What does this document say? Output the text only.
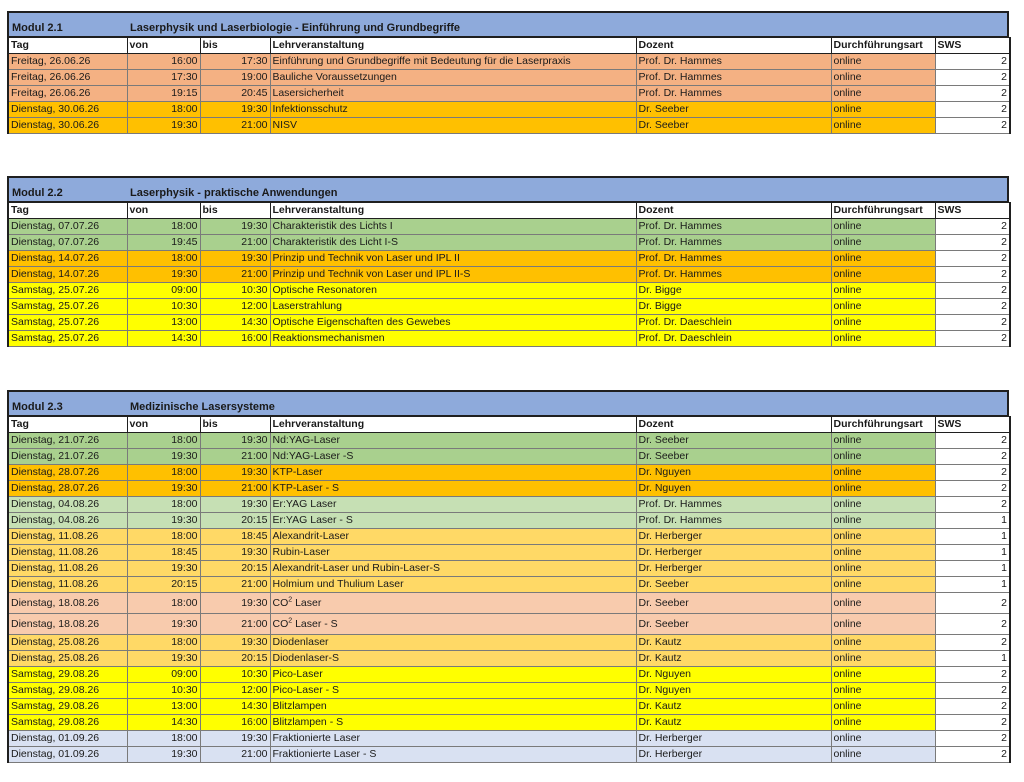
Modul 2.1	Laserphysik und Laserbiologie - Einführung und Grundbegriffe
Tag	von	bis	Lehrveranstaltung	Dozent	Durchführungsart	SWS
Freitag, 26.06.26	16:00	17:30	Einführung und Grundbegriffe mit Bedeutung für die Laserpraxis	Prof. Dr. Hammes	online	2
Freitag, 26.06.26	17:30	19:00	Bauliche Voraussetzungen	Prof. Dr. Hammes	online	2
Freitag, 26.06.26	19:15	20:45	Lasersicherheit	Prof. Dr. Hammes	online	2
Dienstag, 30.06.26	18:00	19:30	Infektionsschutz	Dr. Seeber	online	2
Dienstag, 30.06.26	19:30	21:00	NISV	Dr. Seeber	online	2
Modul 2.2	Laserphysik - praktische Anwendungen
Tag	von	bis	Lehrveranstaltung	Dozent	Durchführungsart	SWS
Dienstag, 07.07.26	18:00	19:30	Charakteristik des Lichts I	Prof. Dr. Hammes	online	2
Dienstag, 07.07.26	19:45	21:00	Charakteristik des Licht I-S	Prof. Dr. Hammes	online	2
Dienstag, 14.07.26	18:00	19:30	Prinzip und Technik von Laser und IPL II	Prof. Dr. Hammes	online	2
Dienstag, 14.07.26	19:30	21:00	Prinzip und Technik von Laser und IPL II-S	Prof. Dr. Hammes	online	2
Samstag, 25.07.26	09:00	10:30	Optische Resonatoren	Dr. Bigge	online	2
Samstag, 25.07.26	10:30	12:00	Laserstrahlung	Dr. Bigge	online	2
Samstag, 25.07.26	13:00	14:30	Optische Eigenschaften des Gewebes	Prof. Dr. Daeschlein	online	2
Samstag, 25.07.26	14:30	16:00	Reaktionsmechanismen	Prof. Dr. Daeschlein	online	2
Modul 2.3	Medizinische Lasersysteme
Tag	von	bis	Lehrveranstaltung	Dozent	Durchführungsart	SWS
Dienstag, 21.07.26	18:00	19:30	Nd:YAG-Laser	Dr. Seeber	online	2
Dienstag, 21.07.26	19:30	21:00	Nd:YAG-Laser -S	Dr. Seeber	online	2
Dienstag, 28.07.26	18:00	19:30	KTP-Laser	Dr. Nguyen	online	2
Dienstag, 28.07.26	19:30	21:00	KTP-Laser - S	Dr. Nguyen	online	2
Dienstag, 04.08.26	18:00	19:30	Er:YAG Laser	Prof. Dr. Hammes	online	2
Dienstag, 04.08.26	19:30	20:15	Er:YAG Laser - S	Prof. Dr. Hammes	online	1
Dienstag, 11.08.26	18:00	18:45	Alexandrit-Laser	Dr. Herberger	online	1
Dienstag, 11.08.26	18:45	19:30	Rubin-Laser	Dr. Herberger	online	1
Dienstag, 11.08.26	19:30	20:15	Alexandrit-Laser und Rubin-Laser-S	Dr. Herberger	online	1
Dienstag, 11.08.26	20:15	21:00	Holmium und Thulium Laser	Dr. Seeber	online	1
Dienstag, 18.08.26	18:00	19:30	$CO^2$ Laser	Dr. Seeber	online	2
Dienstag, 18.08.26	19:30	21:00	$CO^2$ Laser - S	Dr. Seeber	online	2
Dienstag, 25.08.26	18:00	19:30	Diodenlaser	Dr. Kautz	online	2
Dienstag, 25.08.26	19:30	20:15	Diodenlaser-S	Dr. Kautz	online	1
Samstag, 29.08.26	09:00	10:30	Pico-Laser	Dr. Nguyen	online	2
Samstag, 29.08.26	10:30	12:00	Pico-Laser - S	Dr. Nguyen	online	2
Samstag, 29.08.26	13:00	14:30	Blitzlampen	Dr. Kautz	online	2
Samstag, 29.08.26	14:30	16:00	Blitzlampen - S	Dr. Kautz	online	2
Dienstag, 01.09.26	18:00	19:30	Fraktionierte Laser	Dr. Herberger	online	2
Dienstag, 01.09.26	19:30	21:00	Fraktionierte Laser - S	Dr. Herberger	online	2
